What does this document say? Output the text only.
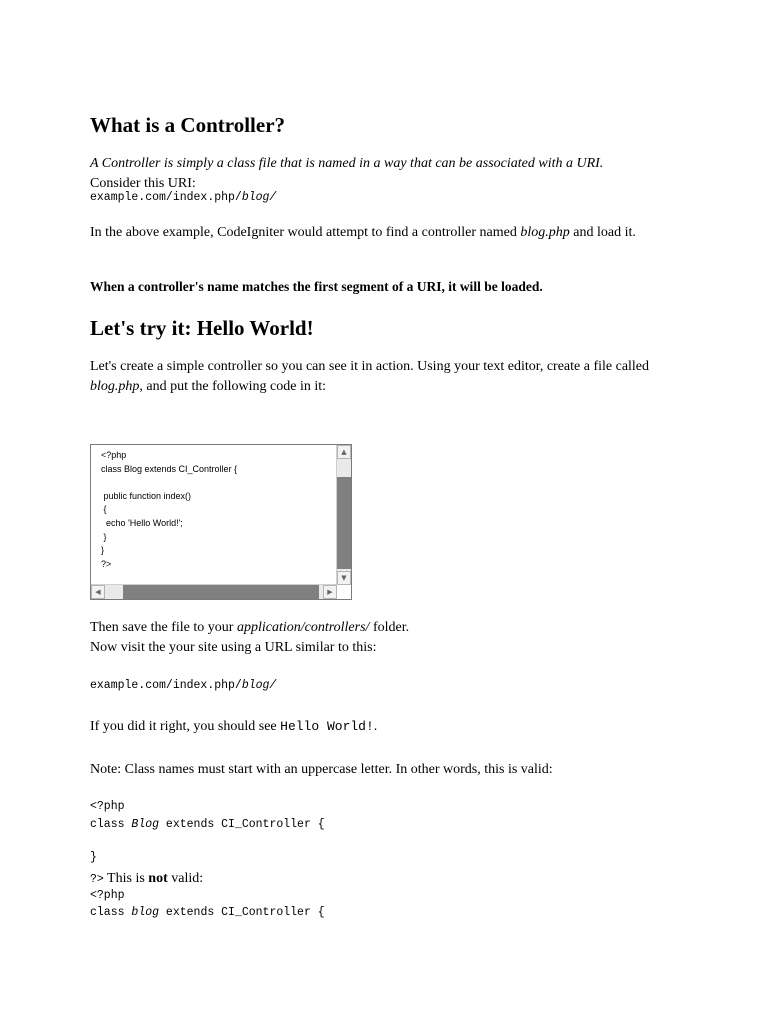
What is a Controller?
A Controller is simply a class file that is named in a way that can be associated with a URI.
Consider this URI:
example.com/index.php/blog/
In the above example, CodeIgniter would attempt to find a controller named blog.php and load it.
When a controller's name matches the first segment of a URI, it will be loaded.
Let's try it: Hello World!
Let's create a simple controller so you can see it in action. Using your text editor, create a file called blog.php, and put the following code in it:
<?php
class Blog extends CI_Controller {

public function index()
{
echo 'Hello World!';
}
}
?>
▲
▼
◀	▶
Then save the file to your application/controllers/ folder.
Now visit the your site using a URL similar to this:
example.com/index.php/blog/
If you did it right, you should see Hello World!.
Note: Class names must start with an uppercase letter. In other words, this is valid:
<?php
class Blog extends CI_Controller {
}
?> This is not valid:
<?php
class blog extends CI_Controller {
